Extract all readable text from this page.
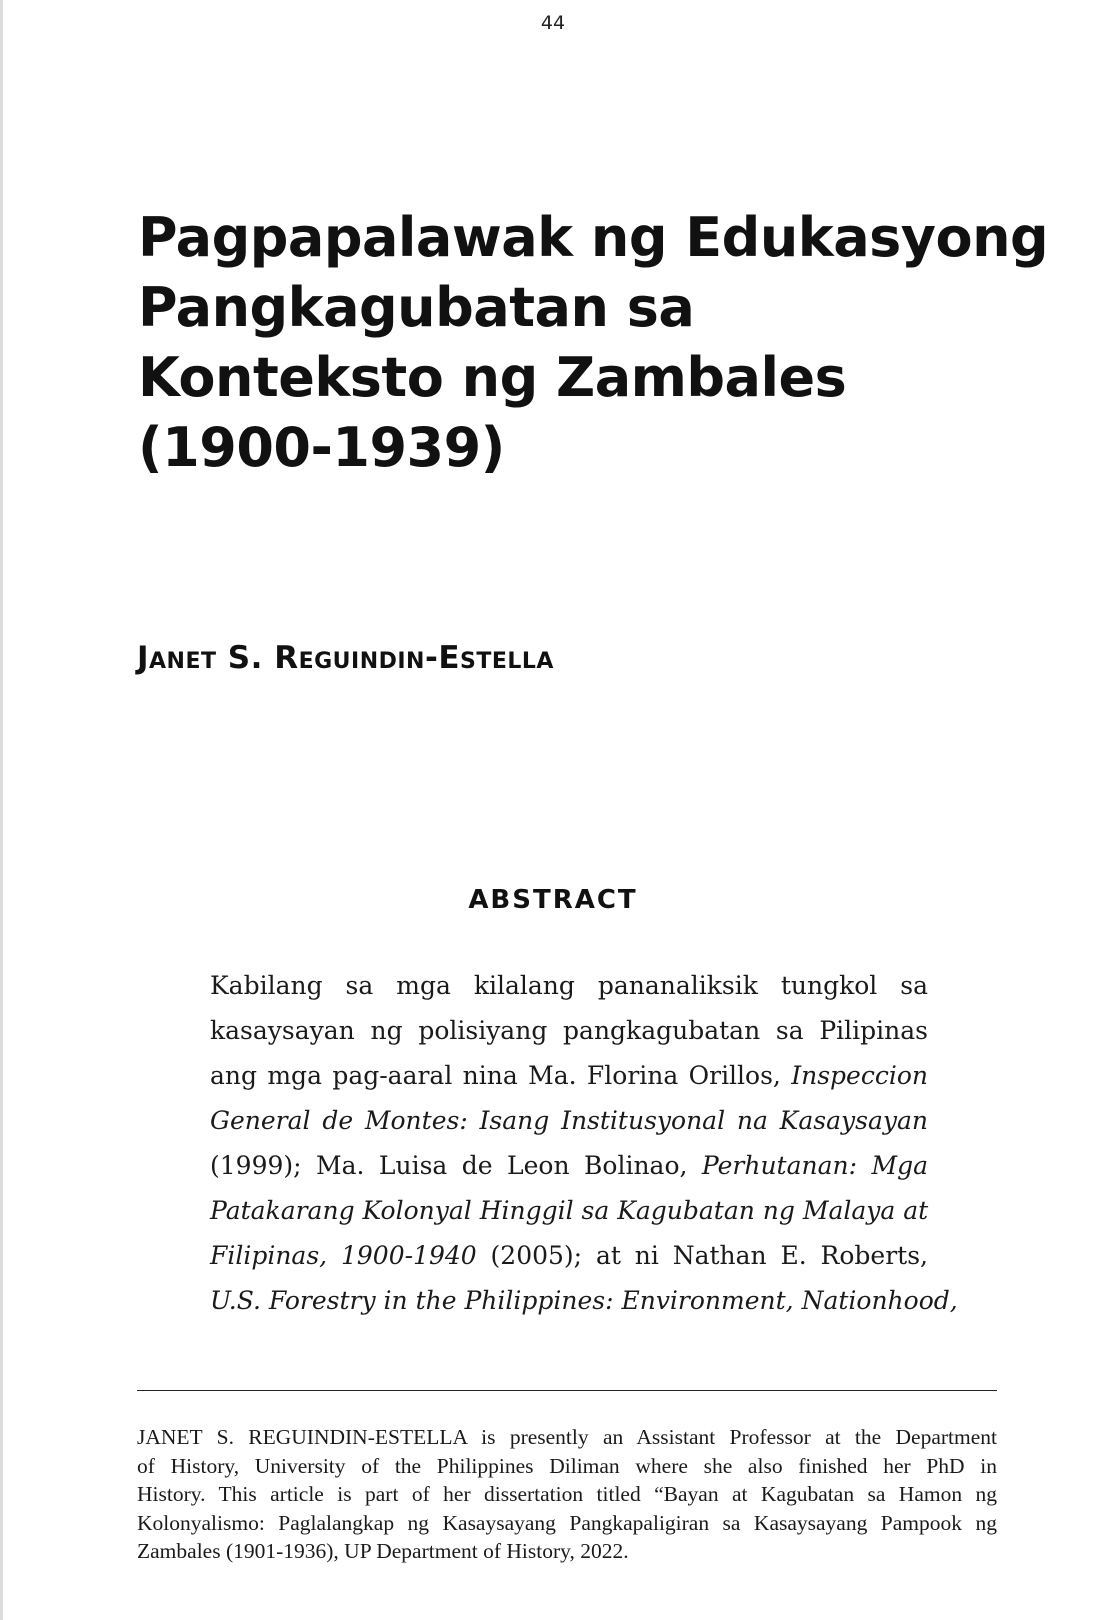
44
Pagpapalawak ng Edukasyong
Pangkagubatan sa
Konteksto ng Zambales
(1900-1939)
Janet S. Reguindin-Estella
ABSTRACT
Kabilang sa mga kilalang pananaliksik tungkol sa
kasaysayan ng polisiyang pangkagubatan sa Pilipinas
ang mga pag-aaral nina Ma. Florina Orillos, Inspeccion
General de Montes: Isang Institusyonal na Kasaysayan
(1999); Ma. Luisa de Leon Bolinao, Perhutanan: Mga
Patakarang Kolonyal Hinggil sa Kagubatan ng Malaya at
Filipinas, 1900-1940 (2005); at ni Nathan E. Roberts,
U.S. Forestry in the Philippines: Environment, Nationhood,
JANET S. REGUINDIN-ESTELLA is presently an Assistant Professor at the Department
of History, University of the Philippines Diliman where she also finished her PhD in
History. This article is part of her dissertation titled “Bayan at Kagubatan sa Hamon ng
Kolonyalismo: Paglalangkap ng Kasaysayang Pangkapaligiran sa Kasaysayang Pampook ng
Zambales (1901-1936), UP Department of History, 2022.
